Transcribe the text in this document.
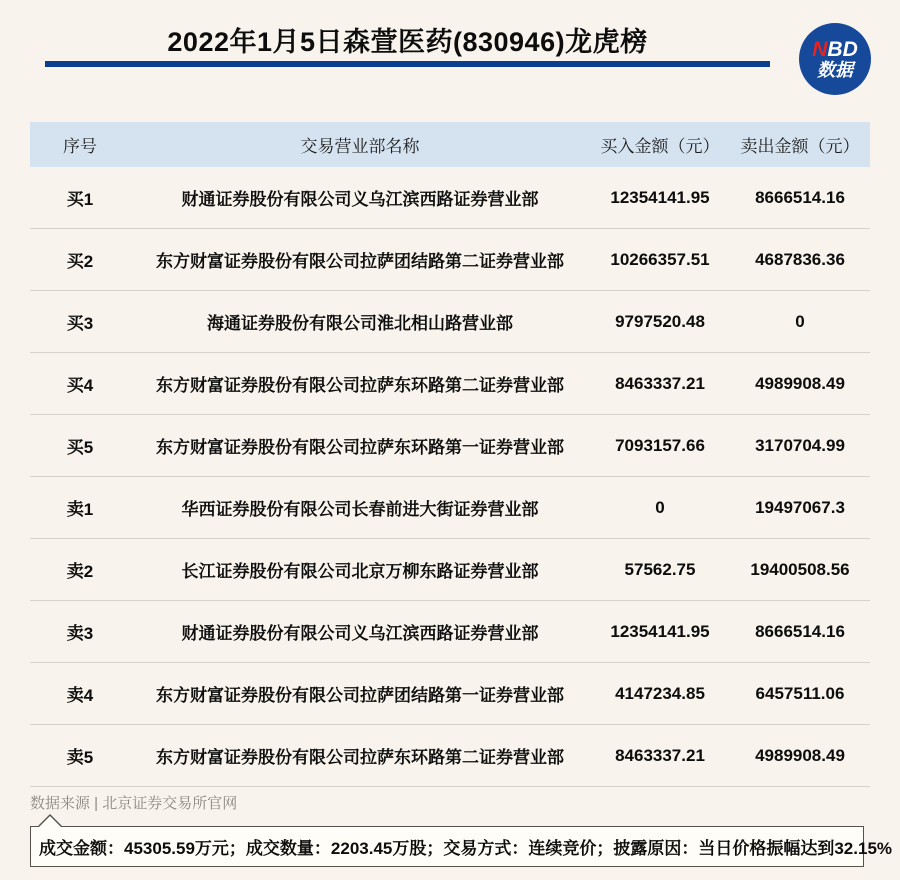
2022年1月5日森萱医药(830946)龙虎榜	NBD
数据
序号	交易营业部名称	买入金额（元）	卖出金额（元）
买1	财通证券股份有限公司义乌江滨西路证券营业部	12354141.95	8666514.16
买2	东方财富证券股份有限公司拉萨团结路第二证券营业部	10266357.51	4687836.36
买3	海通证券股份有限公司淮北相山路营业部	9797520.48	0
买4	东方财富证券股份有限公司拉萨东环路第二证券营业部	8463337.21	4989908.49
买5	东方财富证券股份有限公司拉萨东环路第一证券营业部	7093157.66	3170704.99
卖1	华西证券股份有限公司长春前进大街证券营业部	0	19497067.3
卖2	长江证券股份有限公司北京万柳东路证券营业部	57562.75	19400508.56
卖3	财通证券股份有限公司义乌江滨西路证券营业部	12354141.95	8666514.16
卖4	东方财富证券股份有限公司拉萨团结路第一证券营业部	4147234.85	6457511.06
卖5	东方财富证券股份有限公司拉萨东环路第二证券营业部	8463337.21	4989908.49
数据来源 | 北京证券交易所官网
成交金额：45305.59万元；成交数量：2203.45万股；交易方式：连续竞价；披露原因：当日价格振幅达到32.15%
